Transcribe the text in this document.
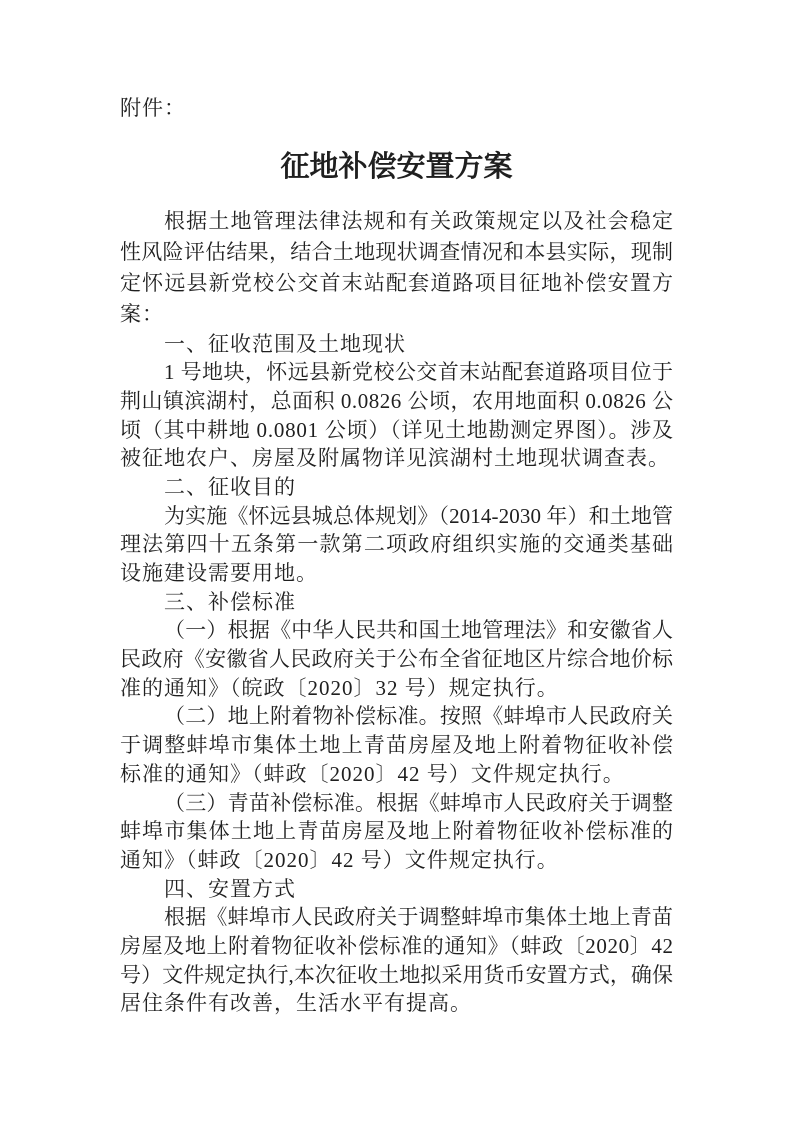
附件：
征地补偿安置方案
根据土地管理法律法规和有关政策规定以及社会稳定
性风险评估结果，结合土地现状调查情况和本县实际，现制
定怀远县新党校公交首末站配套道路项目征地补偿安置方
案：
一、征收范围及土地现状
1 号地块，怀远县新党校公交首末站配套道路项目位于
荆山镇滨湖村，总面积 0.0826 公顷，农用地面积 0.0826 公
顷（其中耕地 0.0801 公顷）（详见土地勘测定界图）。涉及
被征地农户、房屋及附属物详见滨湖村土地现状调查表。
二、征收目的
为实施《怀远县城总体规划》（2014-2030 年）和土地管
理法第四十五条第一款第二项政府组织实施的交通类基础
设施建设需要用地。
三、补偿标准
（一）根据《中华人民共和国土地管理法》和安徽省人
民政府《安徽省人民政府关于公布全省征地区片综合地价标
准的通知》（皖政〔2020〕32 号）规定执行。
（二）地上附着物补偿标准。按照《蚌埠市人民政府关
于调整蚌埠市集体土地上青苗房屋及地上附着物征收补偿
标准的通知》（蚌政〔2020〕42 号）文件规定执行。
（三）青苗补偿标准。根据《蚌埠市人民政府关于调整
蚌埠市集体土地上青苗房屋及地上附着物征收补偿标准的
通知》（蚌政〔2020〕42 号）文件规定执行。
四、安置方式
根据《蚌埠市人民政府关于调整蚌埠市集体土地上青苗
房屋及地上附着物征收补偿标准的通知》（蚌政〔2020〕42
号）文件规定执行,本次征收土地拟采用货币安置方式，确保
居住条件有改善，生活水平有提高。
